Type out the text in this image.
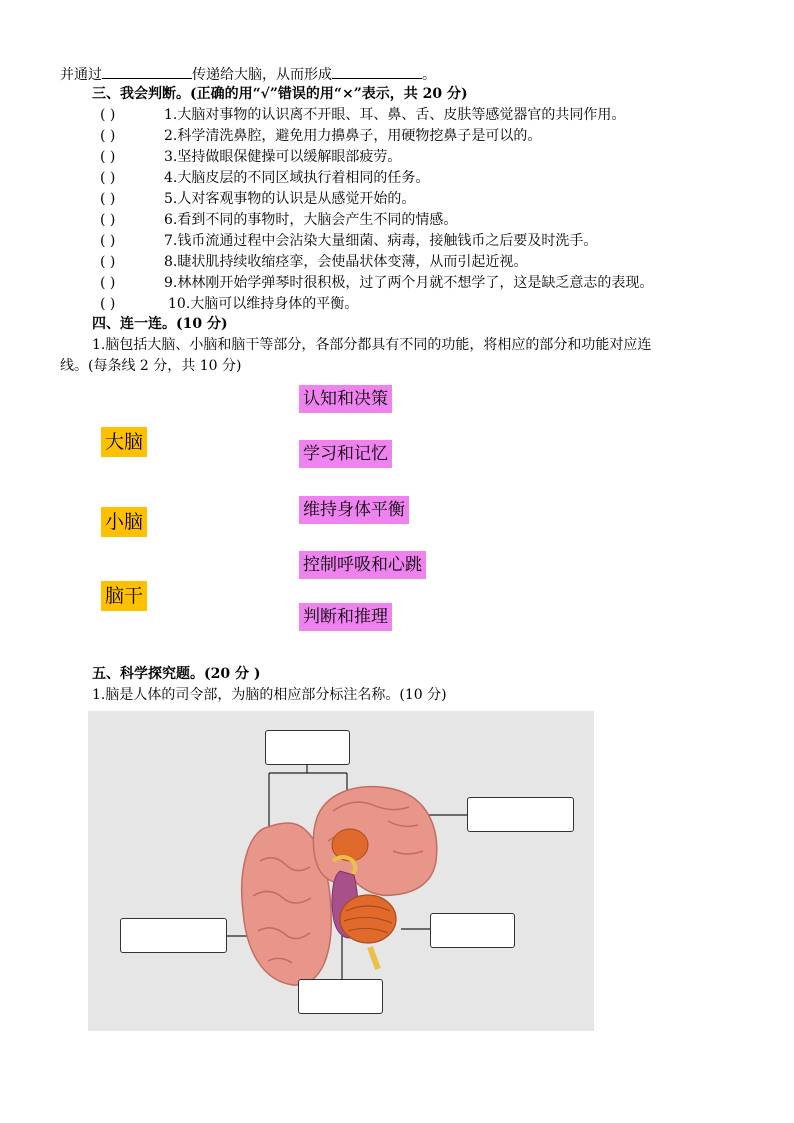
并通过	传递给大脑，从而形成	。
三、我会判断。(正确的用“√”错误的用“×”表示，共 20 分)
( )	1.大脑对事物的认识离不开眼、耳、鼻、舌、皮肤等感觉器官的共同作用。
( )	2.科学清洗鼻腔，避免用力擤鼻子，用硬物挖鼻子是可以的。
( )	3.坚持做眼保健操可以缓解眼部疲劳。
( )	4.大脑皮层的不同区域执行着相同的任务。
( )	5.人对客观事物的认识是从感觉开始的。
( )	6.看到不同的事物时，大脑会产生不同的情感。
( )	7.钱币流通过程中会沾染大量细菌、病毒，接触钱币之后要及时洗手。
( )	8.睫状肌持续收缩痉挛，会使晶状体变薄，从而引起近视。
( )	9.林林刚开始学弹琴时很积极，过了两个月就不想学了，这是缺乏意志的表现。
( )	10.大脑可以维持身体的平衡。
四、连一连。(10 分)
1.脑包括大脑、小脑和脑干等部分，各部分都具有不同的功能，将相应的部分和功能对应连
线。(每条线 2 分，共 10 分)
大脑
小脑
脑干
认知和决策
学习和记忆
维持身体平衡
控制呼吸和心跳
判断和推理
五、科学探究题。(20 分 )
1.脑是人体的司令部，为脑的相应部分标注名称。(10 分)
